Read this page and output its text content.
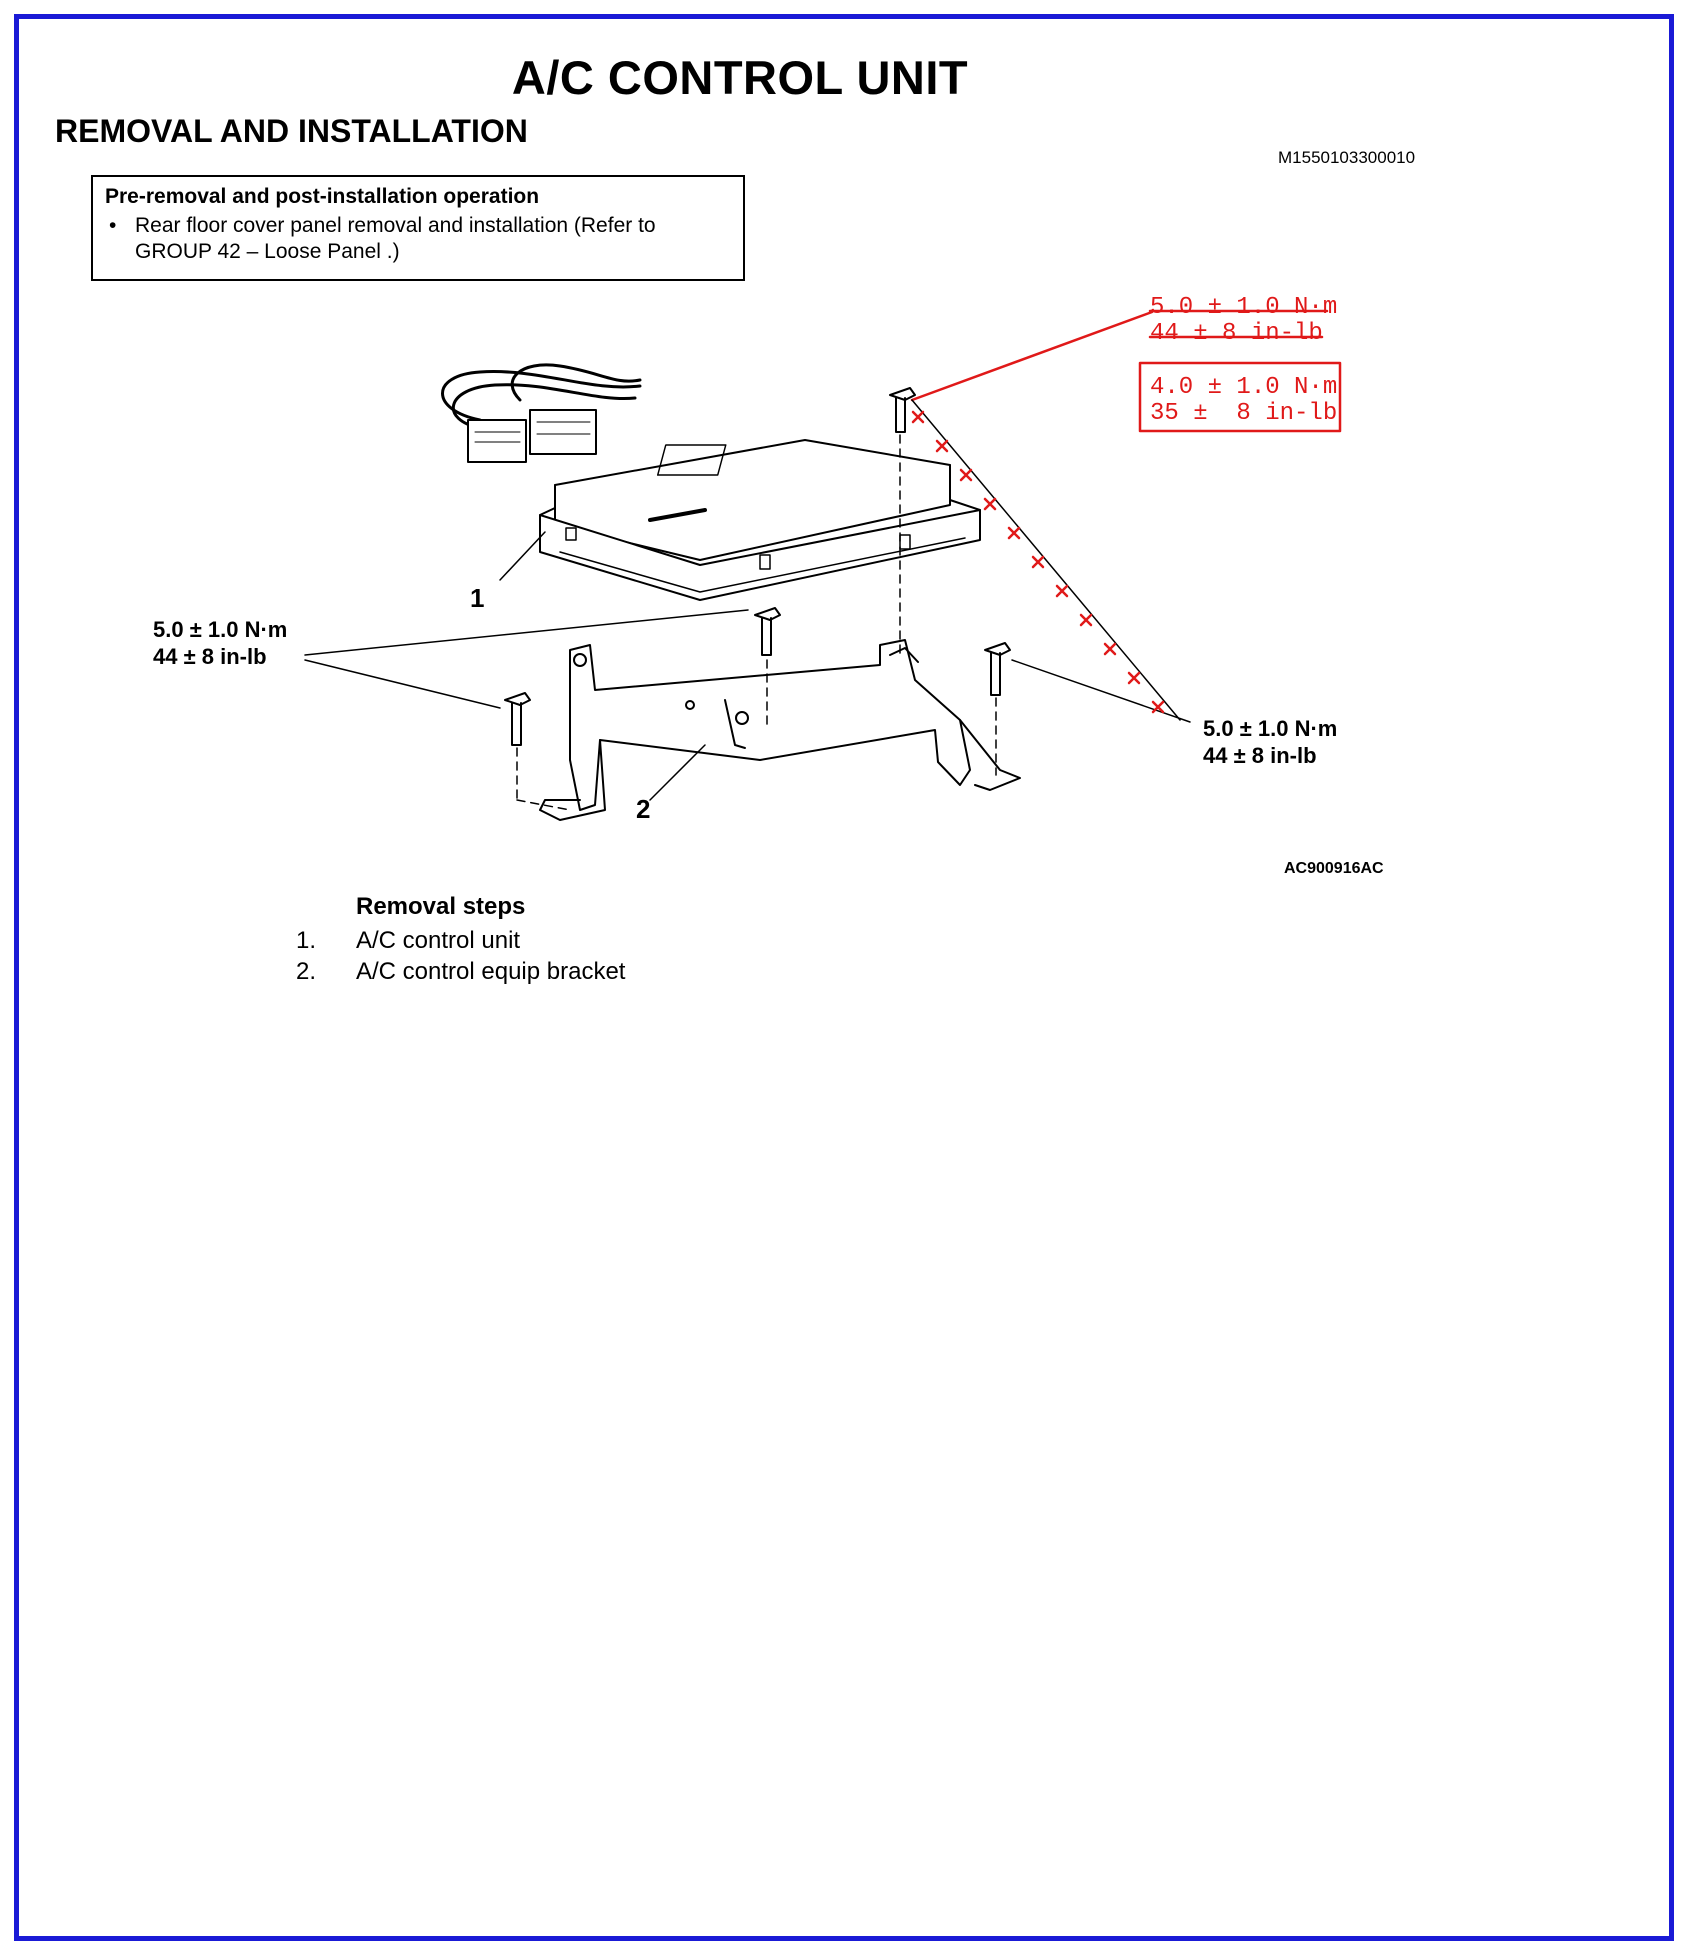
A/C CONTROL UNIT
REMOVAL AND INSTALLATION
M1550103300010
Pre-removal and post-installation operation
• Rear floor cover panel removal and installation (Refer to GROUP 42 – Loose Panel .)
5.0 ± 1.0 N·m
44 ± 8 in-lb
5.0 ± 1.0 N·m
44 ± 8 in-lb
1
2
5.0 ± 1.0 N·m
44 ± 8 in-lb
4.0 ± 1.0 N·m
35 ±  8 in-lb
AC900916AC
Removal steps
1.	A/C control unit
2.	A/C control equip bracket
